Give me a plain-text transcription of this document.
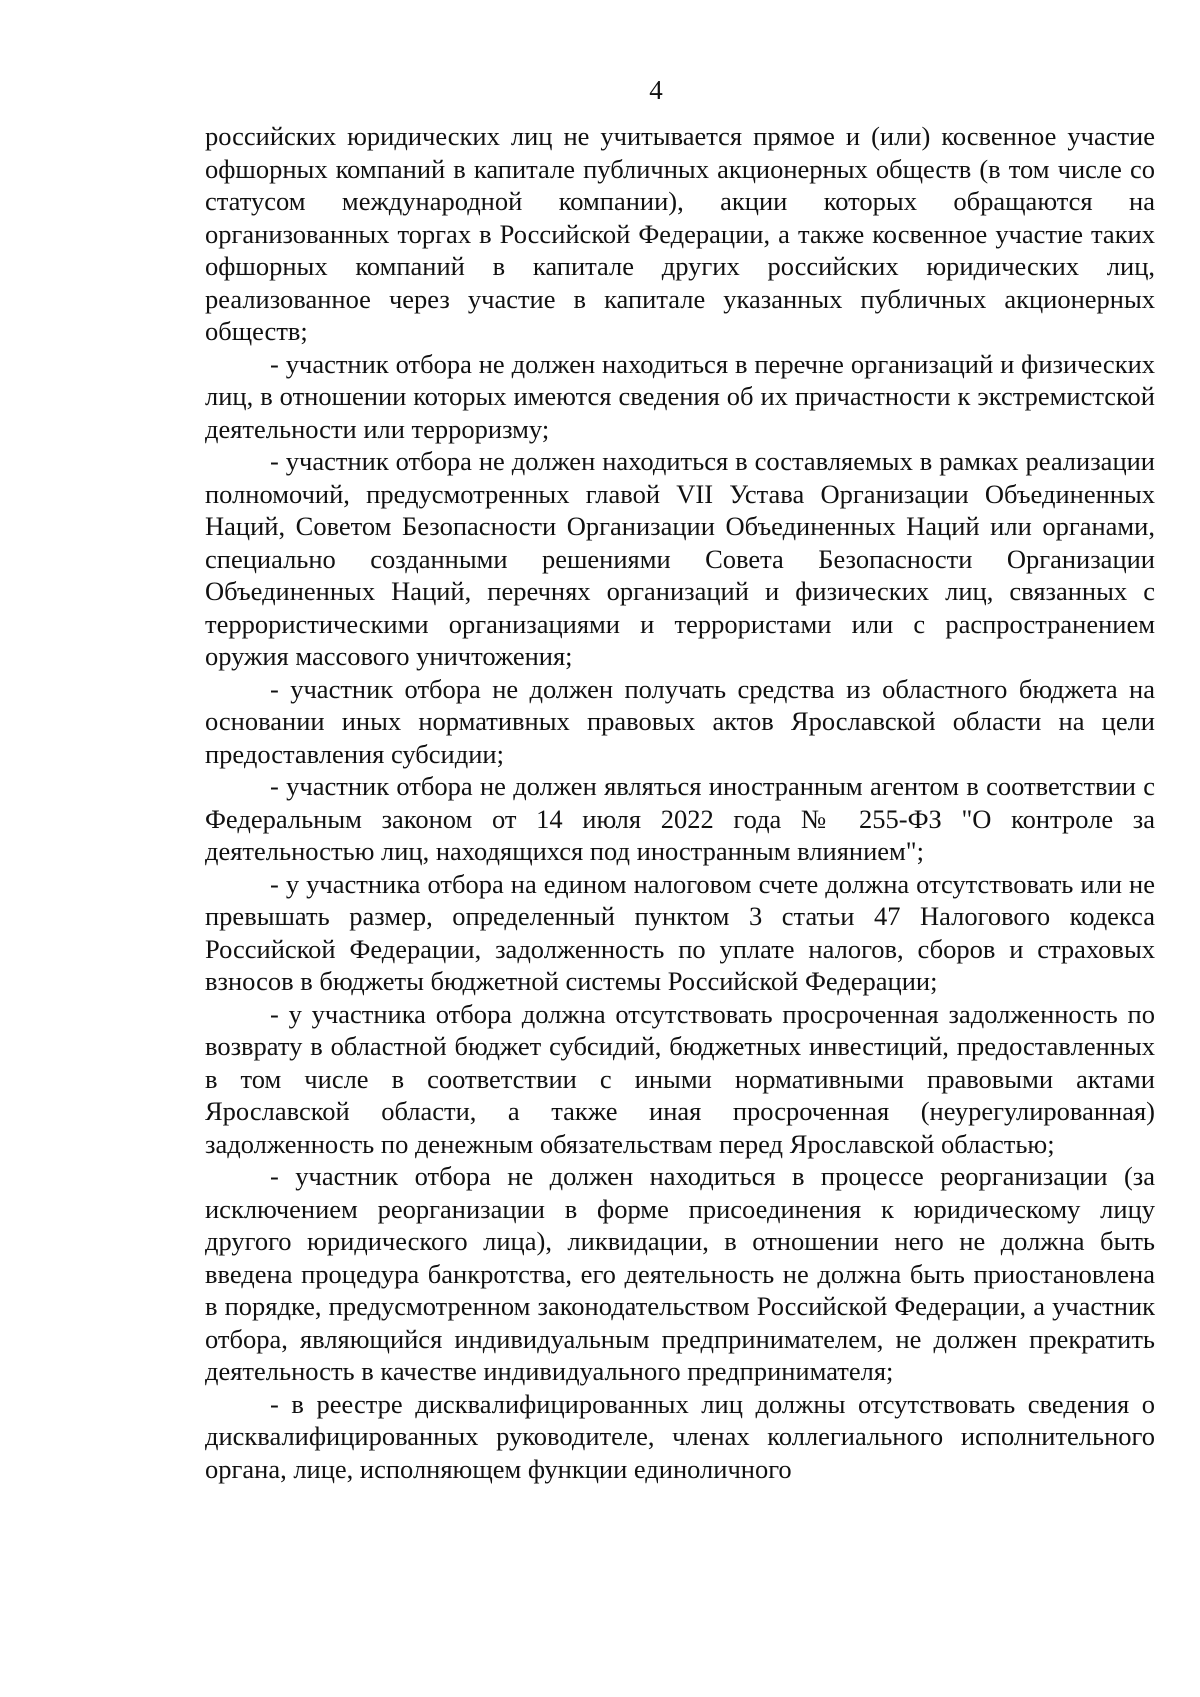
4

российских юридических лиц не учитывается прямое и (или) косвенное участие офшорных компаний в капитале публичных акционерных обществ (в том числе со статусом международной компании), акции которых обращаются на организованных торгах в Российской Федерации, а также косвенное участие таких офшорных компаний в капитале других российских юридических лиц, реализованное через участие в капитале указанных публичных акционерных обществ;

- участник отбора не должен находиться в перечне организаций и физических лиц, в отношении которых имеются сведения об их причастности к экстремистской деятельности или терроризму;

- участник отбора не должен находиться в составляемых в рамках реализации полномочий, предусмотренных главой VII Устава Организации Объединенных Наций, Советом Безопасности Организации Объединенных Наций или органами, специально созданными решениями Совета Безопасности Организации Объединенных Наций, перечнях организаций и физических лиц, связанных с террористическими организациями и террористами или с распространением оружия массового уничтожения;

- участник отбора не должен получать средства из областного бюджета на основании иных нормативных правовых актов Ярославской области на цели предоставления субсидии;

- участник отбора не должен являться иностранным агентом в соответствии с Федеральным законом от 14 июля 2022 года № 255-ФЗ "О контроле за деятельностью лиц, находящихся под иностранным влиянием";

- у участника отбора на едином налоговом счете должна отсутствовать или не превышать размер, определенный пунктом 3 статьи 47 Налогового кодекса Российской Федерации, задолженность по уплате налогов, сборов и страховых взносов в бюджеты бюджетной системы Российской Федерации;

- у участника отбора должна отсутствовать просроченная задолженность по возврату в областной бюджет субсидий, бюджетных инвестиций, предоставленных в том числе в соответствии с иными нормативными правовыми актами Ярославской области, а также иная просроченная (неурегулированная) задолженность по денежным обязательствам перед Ярославской областью;

- участник отбора не должен находиться в процессе реорганизации (за исключением реорганизации в форме присоединения к юридическому лицу другого юридического лица), ликвидации, в отношении него не должна быть введена процедура банкротства, его деятельность не должна быть приостановлена в порядке, предусмотренном законодательством Российской Федерации, а участник отбора, являющийся индивидуальным предпринимателем, не должен прекратить деятельность в качестве индивидуального предпринимателя;

- в реестре дисквалифицированных лиц должны отсутствовать сведения о дисквалифицированных руководителе, членах коллегиального исполнительного органа, лице, исполняющем функции единоличного
